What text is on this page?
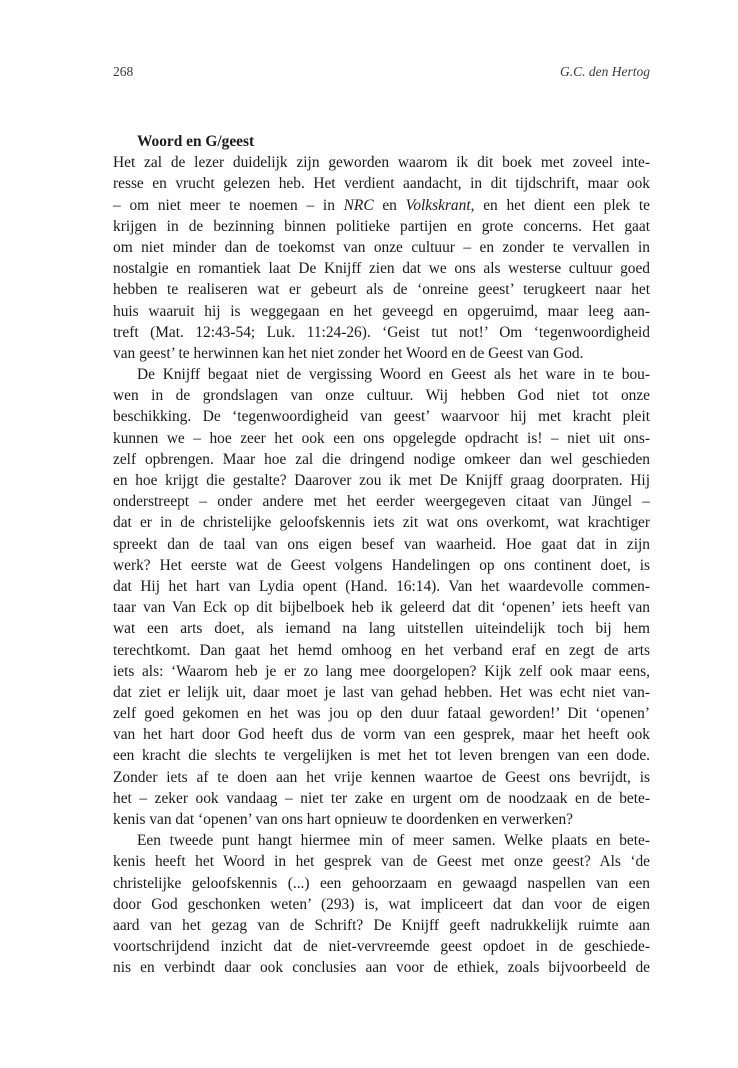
268	G.C. den Hertog
Woord en G/geest
Het zal de lezer duidelijk zijn geworden waarom ik dit boek met zoveel inte-
resse en vrucht gelezen heb. Het verdient aandacht, in dit tijdschrift, maar ook
– om niet meer te noemen – in NRC en Volkskrant, en het dient een plek te
krijgen in de bezinning binnen politieke partijen en grote concerns. Het gaat
om niet minder dan de toekomst van onze cultuur – en zonder te vervallen in
nostalgie en romantiek laat De Knijff zien dat we ons als westerse cultuur goed
hebben te realiseren wat er gebeurt als de ‘onreine geest’ terugkeert naar het
huis waaruit hij is weggegaan en het geveegd en opgeruimd, maar leeg aan-
treft (Mat. 12:43-54; Luk. 11:24-26). ‘Geist tut not!’ Om ‘tegenwoordigheid
van geest’ te herwinnen kan het niet zonder het Woord en de Geest van God.
De Knijff begaat niet de vergissing Woord en Geest als het ware in te bou-
wen in de grondslagen van onze cultuur. Wij hebben God niet tot onze
beschikking. De ‘tegenwoordigheid van geest’ waarvoor hij met kracht pleit
kunnen we – hoe zeer het ook een ons opgelegde opdracht is! – niet uit ons-
zelf opbrengen. Maar hoe zal die dringend nodige omkeer dan wel geschieden
en hoe krijgt die gestalte? Daarover zou ik met De Knijff graag doorpraten. Hij
onderstreept – onder andere met het eerder weergegeven citaat van Jüngel –
dat er in de christelijke geloofskennis iets zit wat ons overkomt, wat krachtiger
spreekt dan de taal van ons eigen besef van waarheid. Hoe gaat dat in zijn
werk? Het eerste wat de Geest volgens Handelingen op ons continent doet, is
dat Hij het hart van Lydia opent (Hand. 16:14). Van het waardevolle commen-
taar van Van Eck op dit bijbelboek heb ik geleerd dat dit ‘openen’ iets heeft van
wat een arts doet, als iemand na lang uitstellen uiteindelijk toch bij hem
terechtkomt. Dan gaat het hemd omhoog en het verband eraf en zegt de arts
iets als: ‘Waarom heb je er zo lang mee doorgelopen? Kijk zelf ook maar eens,
dat ziet er lelijk uit, daar moet je last van gehad hebben. Het was echt niet van-
zelf goed gekomen en het was jou op den duur fataal geworden!’ Dit ‘openen’
van het hart door God heeft dus de vorm van een gesprek, maar het heeft ook
een kracht die slechts te vergelijken is met het tot leven brengen van een dode.
Zonder iets af te doen aan het vrije kennen waartoe de Geest ons bevrijdt, is
het – zeker ook vandaag – niet ter zake en urgent om de noodzaak en de bete-
kenis van dat ‘openen’ van ons hart opnieuw te doordenken en verwerken?
Een tweede punt hangt hiermee min of meer samen. Welke plaats en bete-
kenis heeft het Woord in het gesprek van de Geest met onze geest? Als ‘de
christelijke geloofskennis (...) een gehoorzaam en gewaagd naspellen van een
door God geschonken weten’ (293) is, wat impliceert dat dan voor de eigen
aard van het gezag van de Schrift? De Knijff geeft nadrukkelijk ruimte aan
voortschrijdend inzicht dat de niet-vervreemde geest opdoet in de geschiede-
nis en verbindt daar ook conclusies aan voor de ethiek, zoals bijvoorbeeld de
